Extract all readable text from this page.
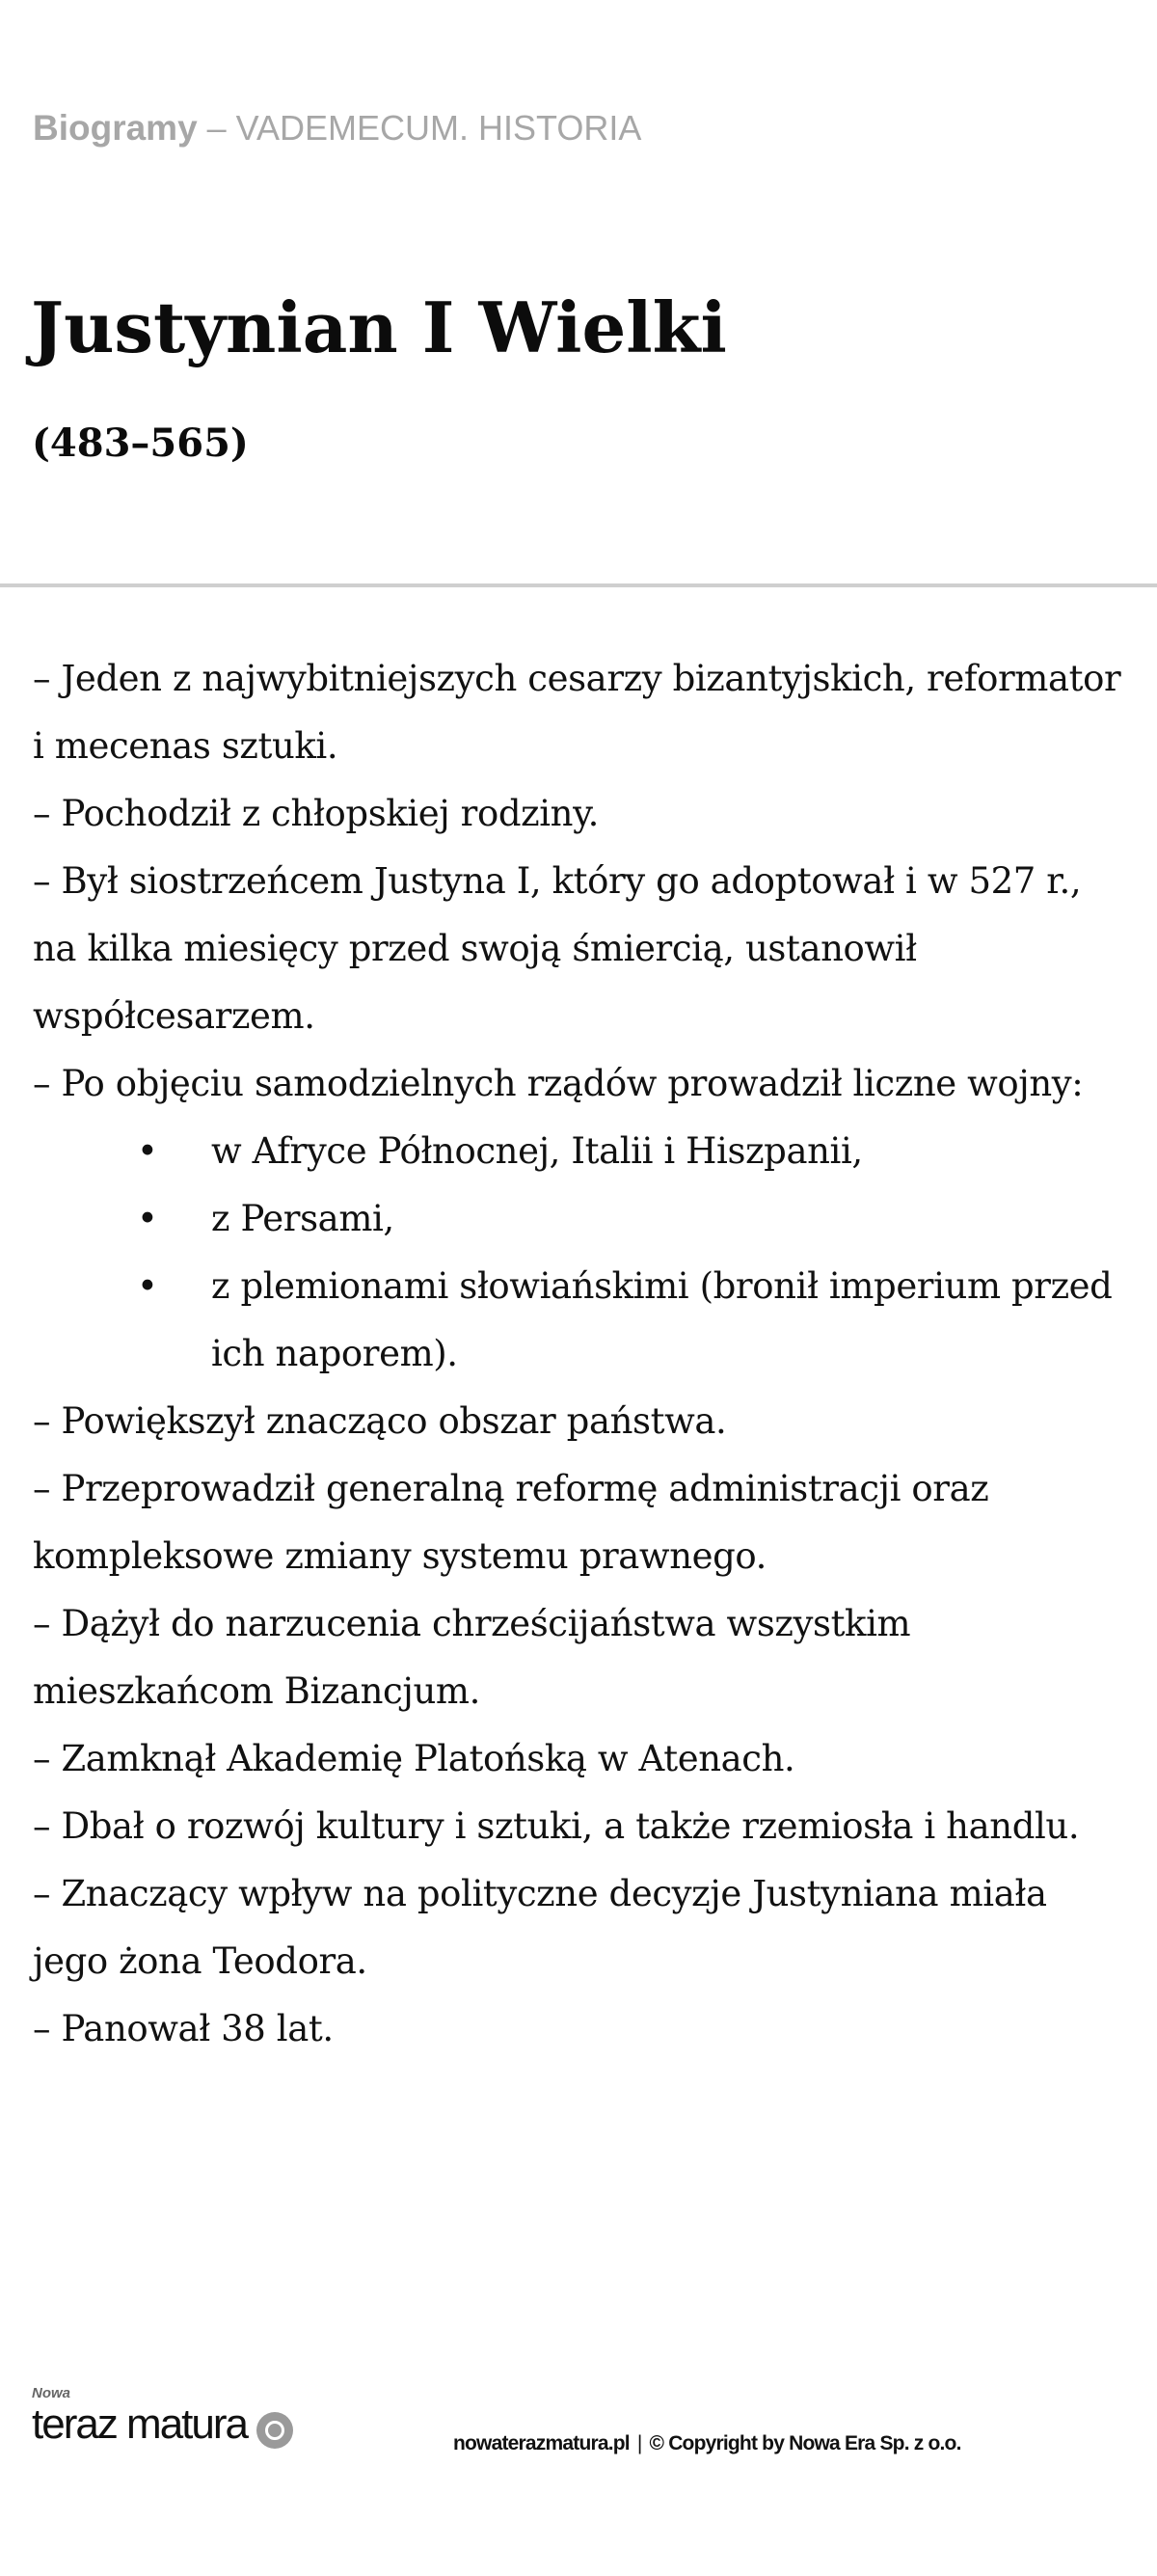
Biogramy – VADEMECUM. HISTORIA
Justynian I Wielki
(483–565)

– Jeden z najwybitniejszych cesarzy bizantyjskich, reformator i mecenas sztuki.

– Pochodził z chłopskiej rodziny.

– Był siostrzeńcem Justyna I, który go adoptował i w 527 r., na kilka miesięcy przed swoją śmiercią, ustanowił współcesarzem.

– Po objęciu samodzielnych rządów prowadził liczne wojny:

• w Afryce Północnej, Italii i Hiszpanii,
• z Persami,
• z plemionami słowiańskimi (bronił imperium przed ich naporem).

– Powiększył znacząco obszar państwa.

– Przeprowadził generalną reformę administracji oraz kompleksowe zmiany systemu prawnego.

– Dążył do narzucenia chrześcijaństwa wszystkim mieszkańcom Bizancjum.

– Zamknął Akademię Platońską w Atenach.

– Dbał o rozwój kultury i sztuki, a także rzemiosła i handlu.

– Znaczący wpływ na polityczne decyzje Justyniana miała jego żona Teodora.

– Panował 38 lat.

Nowa
teraz matura	nowaterazmatura.pl | © Copyright by Nowa Era Sp. z o.o.
